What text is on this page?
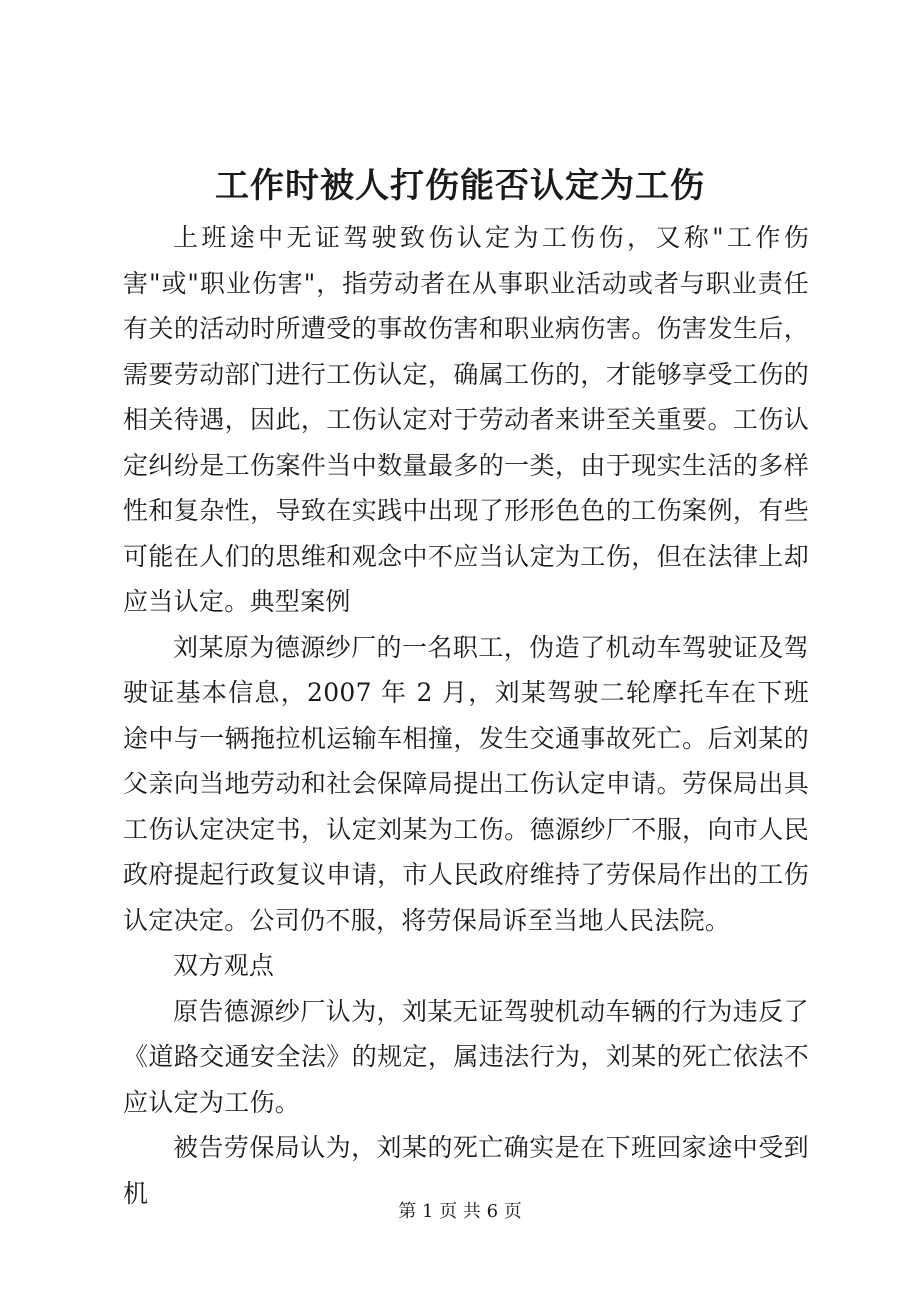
工作时被人打伤能否认定为工伤

上班途中无证驾驶致伤认定为工伤伤，又称"工作伤害"或"职业伤害"，指劳动者在从事职业活动或者与职业责任有关的活动时所遭受的事故伤害和职业病伤害。伤害发生后，需要劳动部门进行工伤认定，确属工伤的，才能够享受工伤的相关待遇，因此，工伤认定对于劳动者来讲至关重要。工伤认定纠纷是工伤案件当中数量最多的一类，由于现实生活的多样性和复杂性，导致在实践中出现了形形色色的工伤案例，有些可能在人们的思维和观念中不应当认定为工伤，但在法律上却应当认定。典型案例

刘某原为德源纱厂的一名职工，伪造了机动车驾驶证及驾驶证基本信息，2007 年 2 月，刘某驾驶二轮摩托车在下班途中与一辆拖拉机运输车相撞，发生交通事故死亡。后刘某的父亲向当地劳动和社会保障局提出工伤认定申请。劳保局出具工伤认定决定书，认定刘某为工伤。德源纱厂不服，向市人民政府提起行政复议申请，市人民政府维持了劳保局作出的工伤认定决定。公司仍不服，将劳保局诉至当地人民法院。

双方观点

原告德源纱厂认为，刘某无证驾驶机动车辆的行为违反了《道路交通安全法》的规定，属违法行为，刘某的死亡依法不应认定为工伤。

被告劳保局认为，刘某的死亡确实是在下班回家途中受到机

第 1 页 共 6 页
